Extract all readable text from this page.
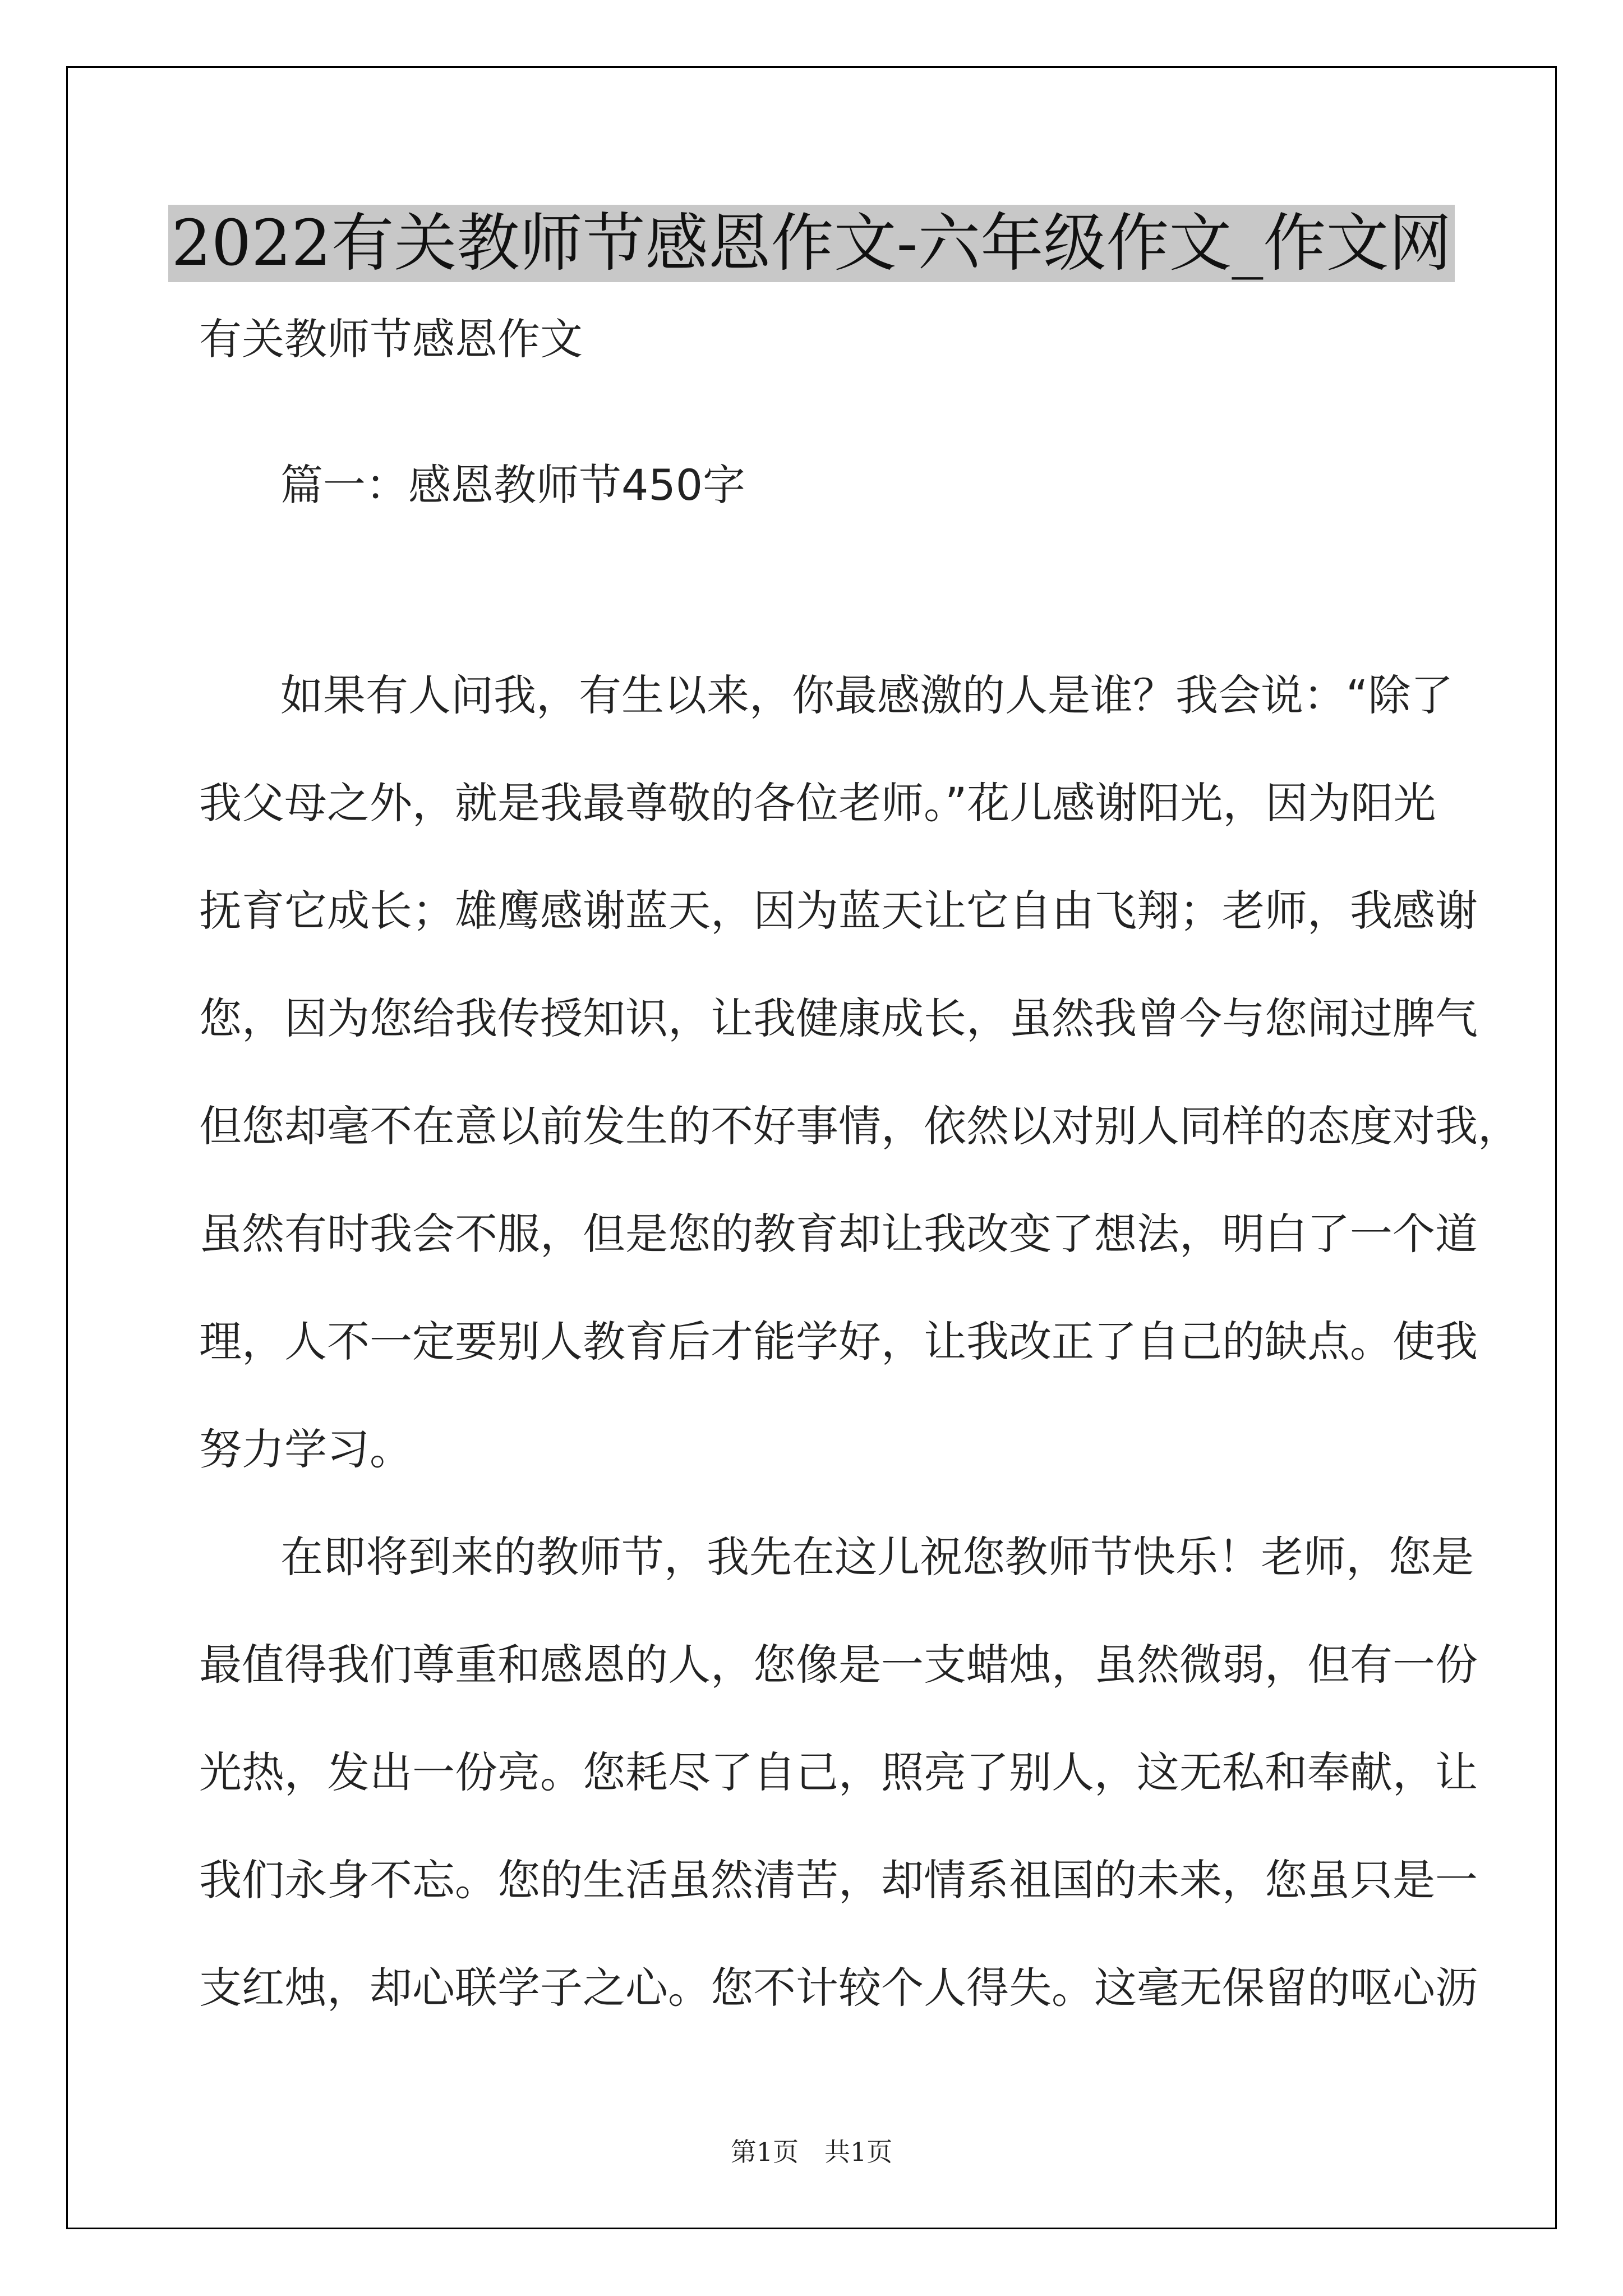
2022有关教师节感恩作文-六年级作文_作文网
有关教师节感恩作文
篇一：感恩教师节450字
如果有人问我，有生以来，你最感激的人是谁？我会说：“除了
我父母之外，就是我最尊敬的各位老师。”花儿感谢阳光，因为阳光
抚育它成长；雄鹰感谢蓝天，因为蓝天让它自由飞翔；老师，我感谢
您，因为您给我传授知识，让我健康成长，虽然我曾今与您闹过脾气
但您却毫不在意以前发生的不好事情，依然以对别人同样的态度对我，
虽然有时我会不服，但是您的教育却让我改变了想法，明白了一个道
理，人不一定要别人教育后才能学好，让我改正了自己的缺点。使我
努力学习。
在即将到来的教师节，我先在这儿祝您教师节快乐！老师，您是
最值得我们尊重和感恩的人，您像是一支蜡烛，虽然微弱，但有一份
光热，发出一份亮。您耗尽了自己，照亮了别人，这无私和奉献，让
我们永身不忘。您的生活虽然清苦，却情系祖国的未来，您虽只是一
支红烛，却心联学子之心。您不计较个人得失。这毫无保留的呕心沥
第1页　共1页
